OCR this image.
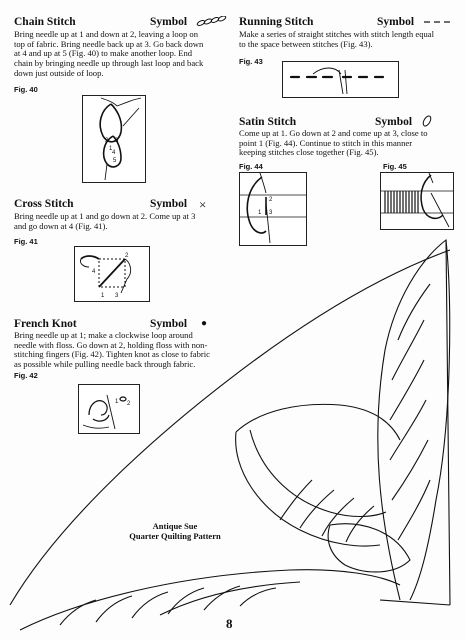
Chain Stitch	Symbol
Bring needle up at 1 and down at 2, leaving a loop on
top of fabric. Bring needle back up at 3. Go back down
at 4 and up at 5 (Fig. 40) to make another loop. End
chain by bringing needle up through last loop and back
down just outside of loop.
Fig. 40
1
2 3
4
5
Running Stitch	Symbol
Make a series of straight stitches with stitch length equal
to the space between stitches (Fig. 43).
Fig. 43
Satin Stitch	Symbol
Come up at 1. Go down at 2 and come up at 3, close to
point 1 (Fig. 44). Continue to stitch in this manner
keeping stitches close together (Fig. 45).
Fig. 44	Fig. 45
1
2
3
Cross Stitch	Symbol ×
Bring needle up at 1 and go down at 2. Come up at 3
and go down at 4 (Fig. 41).
Fig. 41
1
2
3
4
French Knot	Symbol ●
Bring needle up at 1; make a clockwise loop around
needle with floss. Go down at 2, holding floss with non-
stitching fingers (Fig. 42). Tighten knot as close to fabric
as possible while pulling needle back through fabric.
Fig. 42
1 2
Antique Sue
Quarter Quilting Pattern
8
